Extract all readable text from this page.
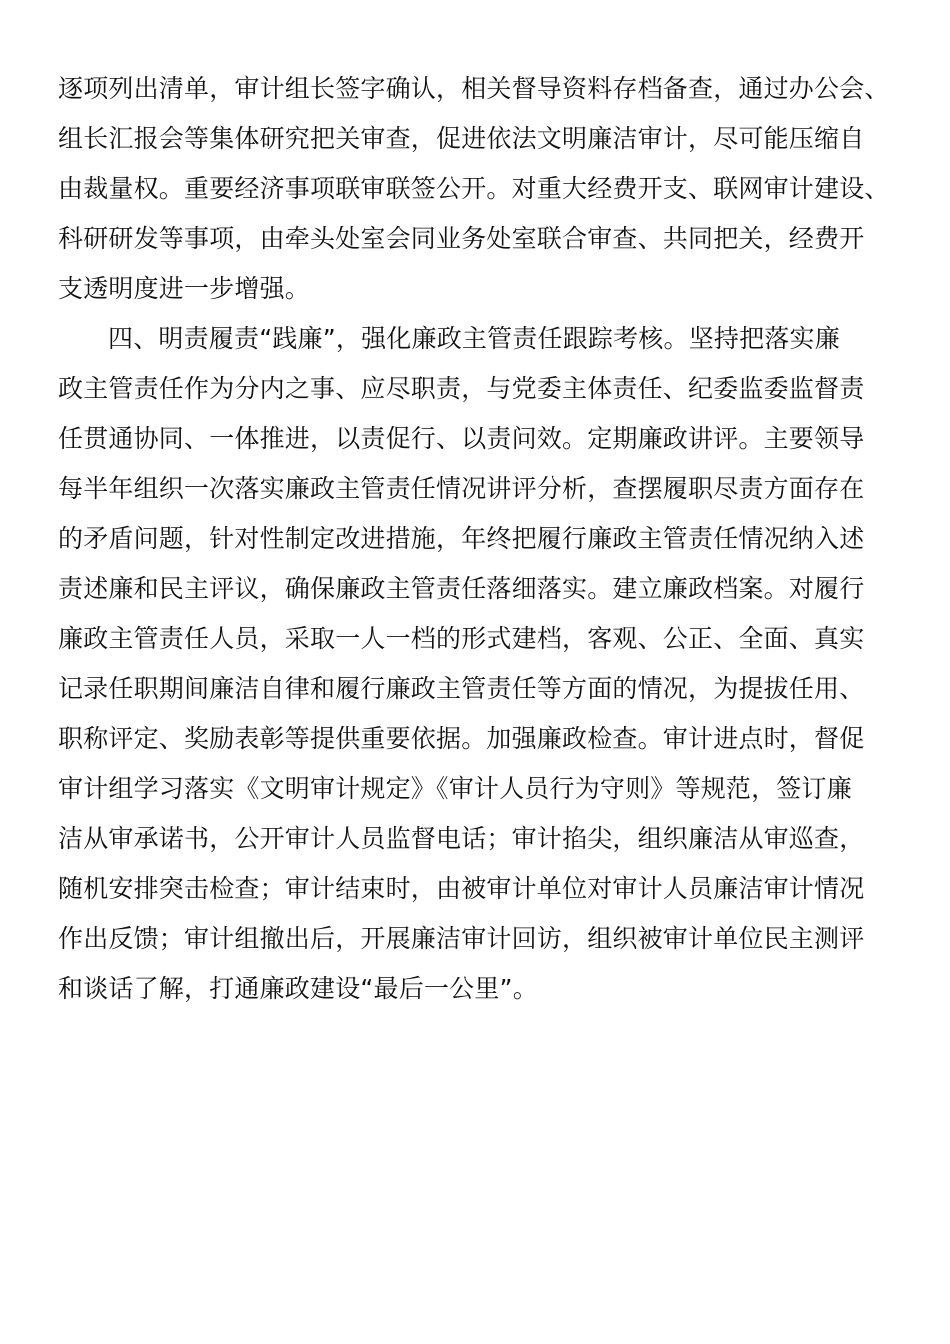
逐项列出清单，审计组长签字确认，相关督导资料存档备查，通过办公会、
组长汇报会等集体研究把关审查，促进依法文明廉洁审计，尽可能压缩自
由裁量权。重要经济事项联审联签公开。对重大经费开支、联网审计建设、
科研研发等事项，由牵头处室会同业务处室联合审查、共同把关，经费开
支透明度进一步增强。
四、明责履责“践廉”，强化廉政主管责任跟踪考核。坚持把落实廉
政主管责任作为分内之事、应尽职责，与党委主体责任、纪委监委监督责
任贯通协同、一体推进，以责促行、以责问效。定期廉政讲评。主要领导
每半年组织一次落实廉政主管责任情况讲评分析，查摆履职尽责方面存在
的矛盾问题，针对性制定改进措施，年终把履行廉政主管责任情况纳入述
责述廉和民主评议，确保廉政主管责任落细落实。建立廉政档案。对履行
廉政主管责任人员，采取一人一档的形式建档，客观、公正、全面、真实
记录任职期间廉洁自律和履行廉政主管责任等方面的情况，为提拔任用、
职称评定、奖励表彰等提供重要依据。加强廉政检查。审计进点时，督促
审计组学习落实《文明审计规定》《审计人员行为守则》等规范，签订廉
洁从审承诺书，公开审计人员监督电话；审计掐尖，组织廉洁从审巡查，
随机安排突击检查；审计结束时，由被审计单位对审计人员廉洁审计情况
作出反馈；审计组撤出后，开展廉洁审计回访，组织被审计单位民主测评
和谈话了解，打通廉政建设“最后一公里”。
